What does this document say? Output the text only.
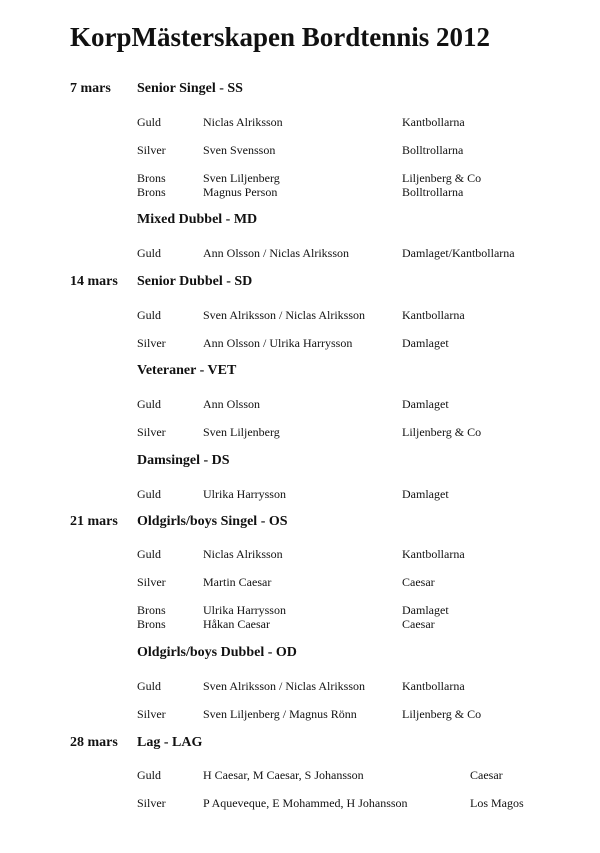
KorpMästerskapen Bordtennis 2012
7 mars Senior Singel - SS
Guld	Niclas Alriksson	Kantbollarna
Silver	Sven Svensson	Bolltrollarna
Brons	Sven Liljenberg	Liljenberg & Co
Brons	Magnus Person	Bolltrollarna
Mixed Dubbel - MD
Guld	Ann Olsson / Niclas Alriksson	Damlaget/Kantbollarna
14 mars Senior Dubbel - SD
Guld	Sven Alriksson / Niclas Alriksson	Kantbollarna
Silver	Ann Olsson / Ulrika Harrysson	Damlaget
Veteraner - VET
Guld	Ann Olsson	Damlaget
Silver	Sven Liljenberg	Liljenberg & Co
Damsingel - DS
Guld	Ulrika Harrysson	Damlaget
21 mars Oldgirls/boys Singel - OS
Guld	Niclas Alriksson	Kantbollarna
Silver	Martin Caesar	Caesar
Brons	Ulrika Harrysson	Damlaget
Brons	Håkan Caesar	Caesar
Oldgirls/boys Dubbel - OD
Guld	Sven Alriksson / Niclas Alriksson	Kantbollarna
Silver	Sven Liljenberg / Magnus Rönn	Liljenberg & Co
28 mars Lag - LAG
Guld	H Caesar, M Caesar, S Johansson	Caesar
Silver	P Aqueveque, E Mohammed, H Johansson	Los Magos
